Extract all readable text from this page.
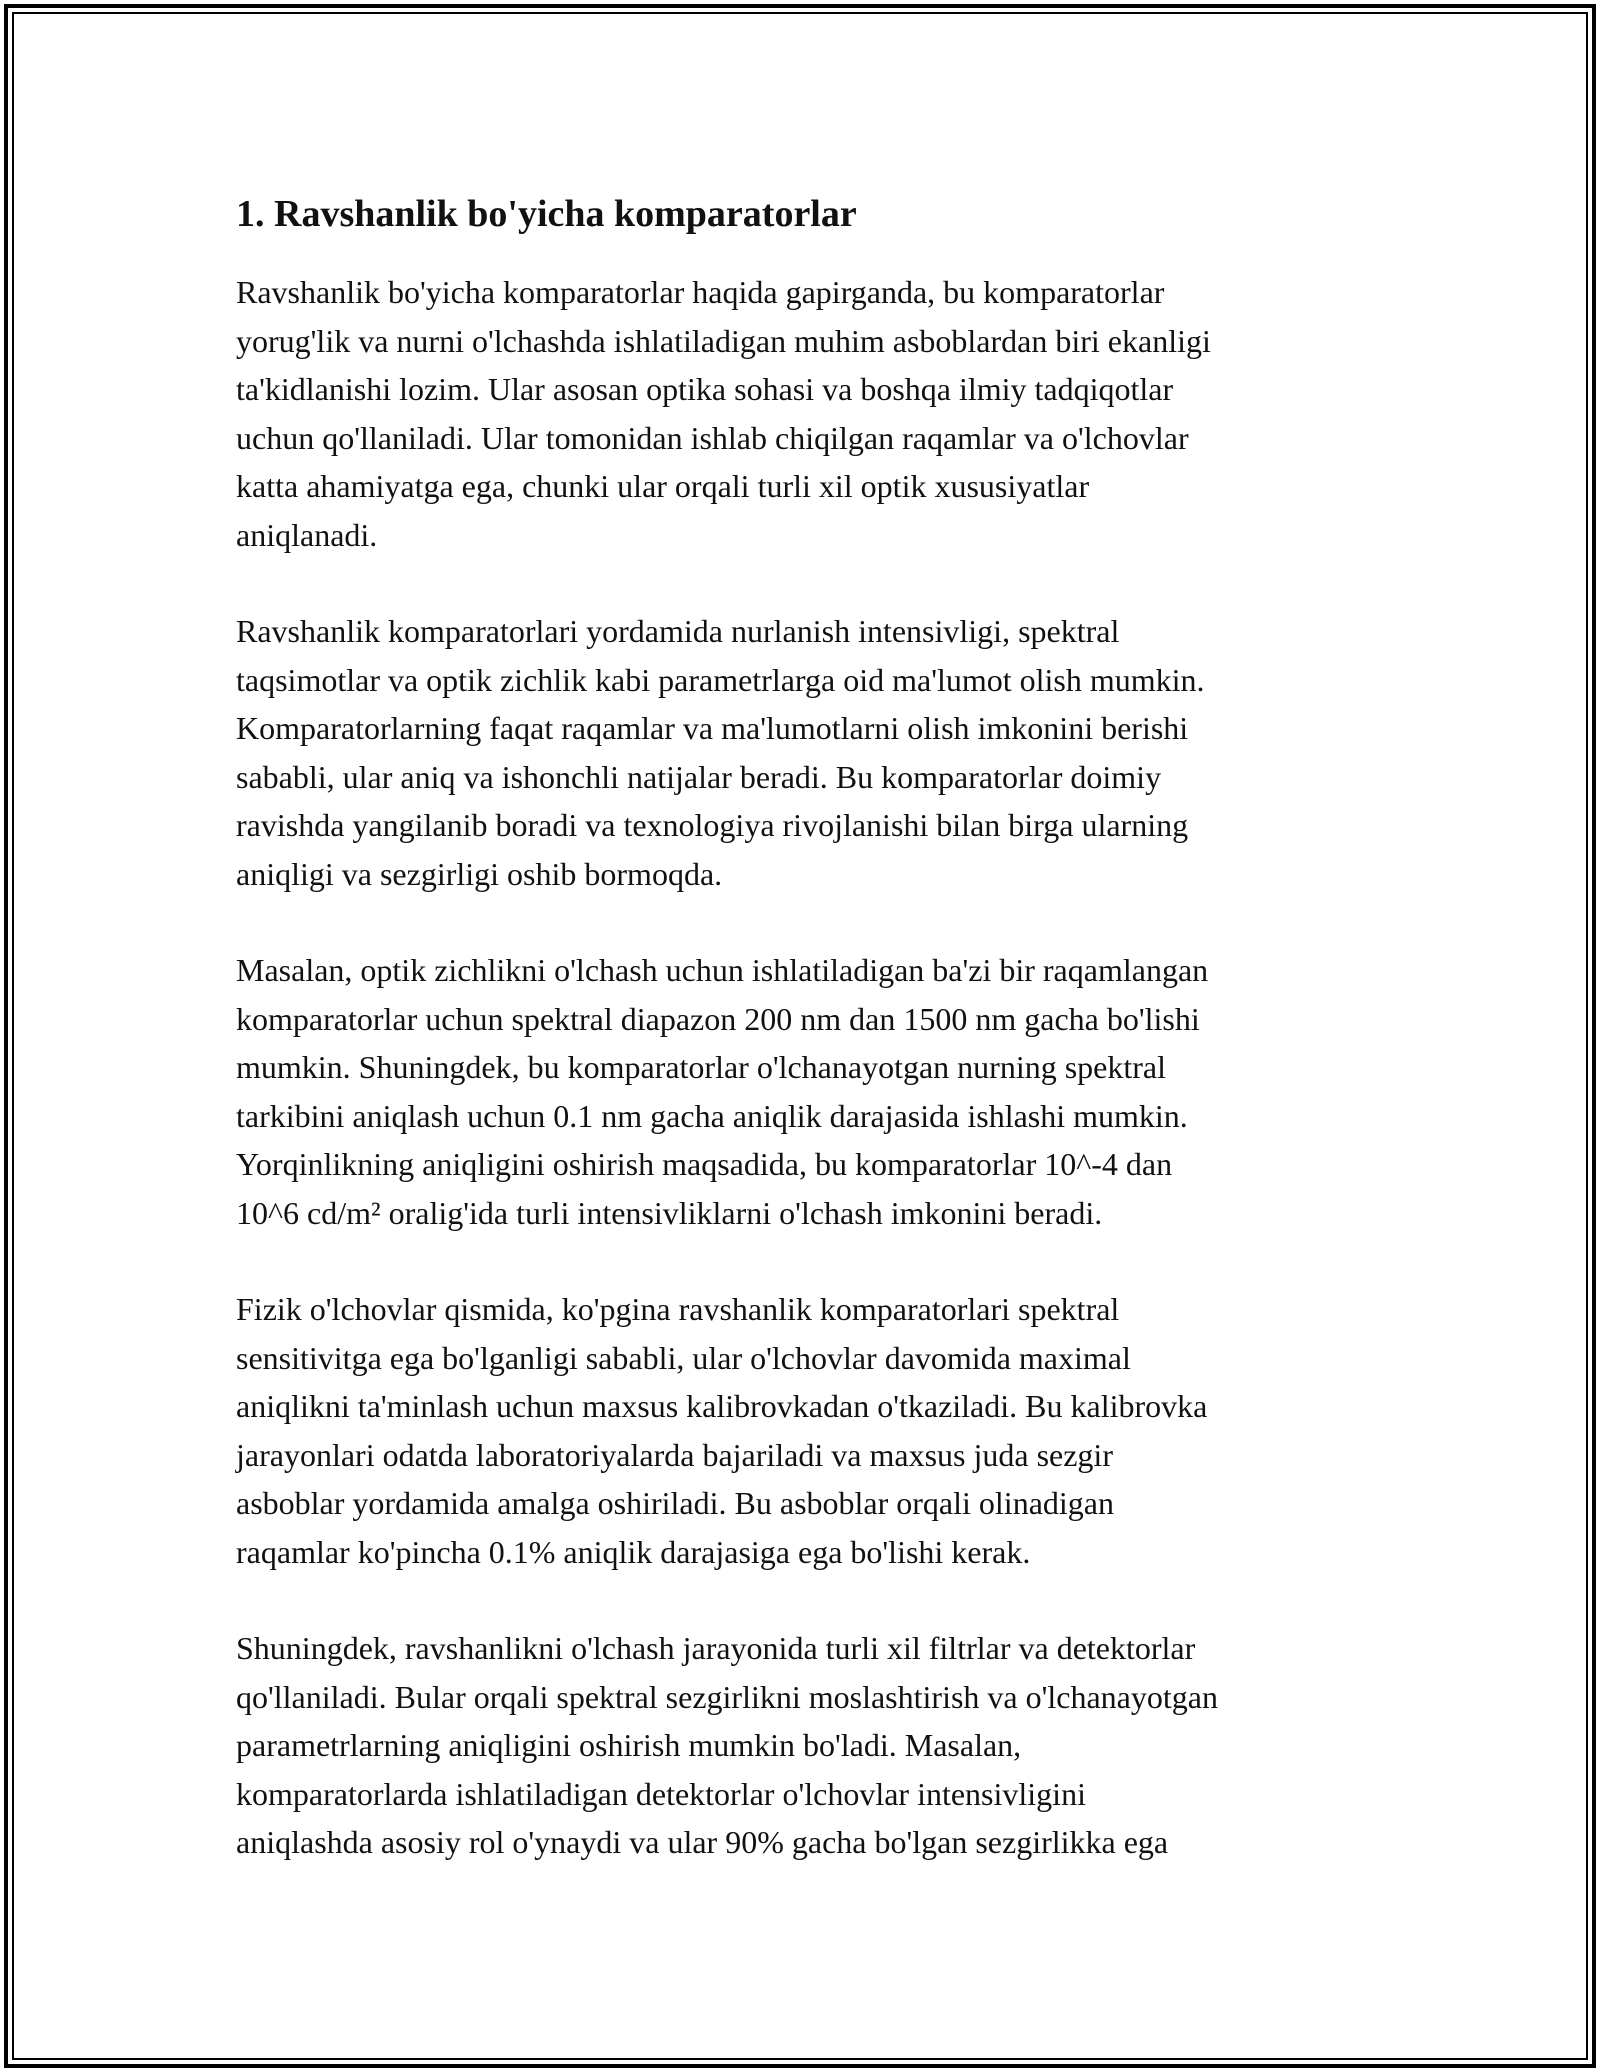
1. Ravshanlik bo'yicha komparatorlar

Ravshanlik bo'yicha komparatorlar haqida gapirganda, bu komparatorlar
yorug'lik va nurni o'lchashda ishlatiladigan muhim asboblardan biri ekanligi
ta'kidlanishi lozim. Ular asosan optika sohasi va boshqa ilmiy tadqiqotlar
uchun qo'llaniladi. Ular tomonidan ishlab chiqilgan raqamlar va o'lchovlar
katta ahamiyatga ega, chunki ular orqali turli xil optik xususiyatlar
aniqlanadi.

Ravshanlik komparatorlari yordamida nurlanish intensivligi, spektral
taqsimotlar va optik zichlik kabi parametrlarga oid ma'lumot olish mumkin.
Komparatorlarning faqat raqamlar va ma'lumotlarni olish imkonini berishi
sababli, ular aniq va ishonchli natijalar beradi. Bu komparatorlar doimiy
ravishda yangilanib boradi va texnologiya rivojlanishi bilan birga ularning
aniqligi va sezgirligi oshib bormoqda.

Masalan, optik zichlikni o'lchash uchun ishlatiladigan ba'zi bir raqamlangan
komparatorlar uchun spektral diapazon 200 nm dan 1500 nm gacha bo'lishi
mumkin. Shuningdek, bu komparatorlar o'lchanayotgan nurning spektral
tarkibini aniqlash uchun 0.1 nm gacha aniqlik darajasida ishlashi mumkin.
Yorqinlikning aniqligini oshirish maqsadida, bu komparatorlar 10^-4 dan
10^6 cd/m² oralig'ida turli intensivliklarni o'lchash imkonini beradi.

Fizik o'lchovlar qismida, ko'pgina ravshanlik komparatorlari spektral
sensitivitga ega bo'lganligi sababli, ular o'lchovlar davomida maximal
aniqlikni ta'minlash uchun maxsus kalibrovkadan o'tkaziladi. Bu kalibrovka
jarayonlari odatda laboratoriyalarda bajariladi va maxsus juda sezgir
asboblar yordamida amalga oshiriladi. Bu asboblar orqali olinadigan
raqamlar ko'pincha 0.1% aniqlik darajasiga ega bo'lishi kerak.

Shuningdek, ravshanlikni o'lchash jarayonida turli xil filtrlar va detektorlar
qo'llaniladi. Bular orqali spektral sezgirlikni moslashtirish va o'lchanayotgan
parametrlarning aniqligini oshirish mumkin bo'ladi. Masalan,
komparatorlarda ishlatiladigan detektorlar o'lchovlar intensivligini
aniqlashda asosiy rol o'ynaydi va ular 90% gacha bo'lgan sezgirlikka ega
